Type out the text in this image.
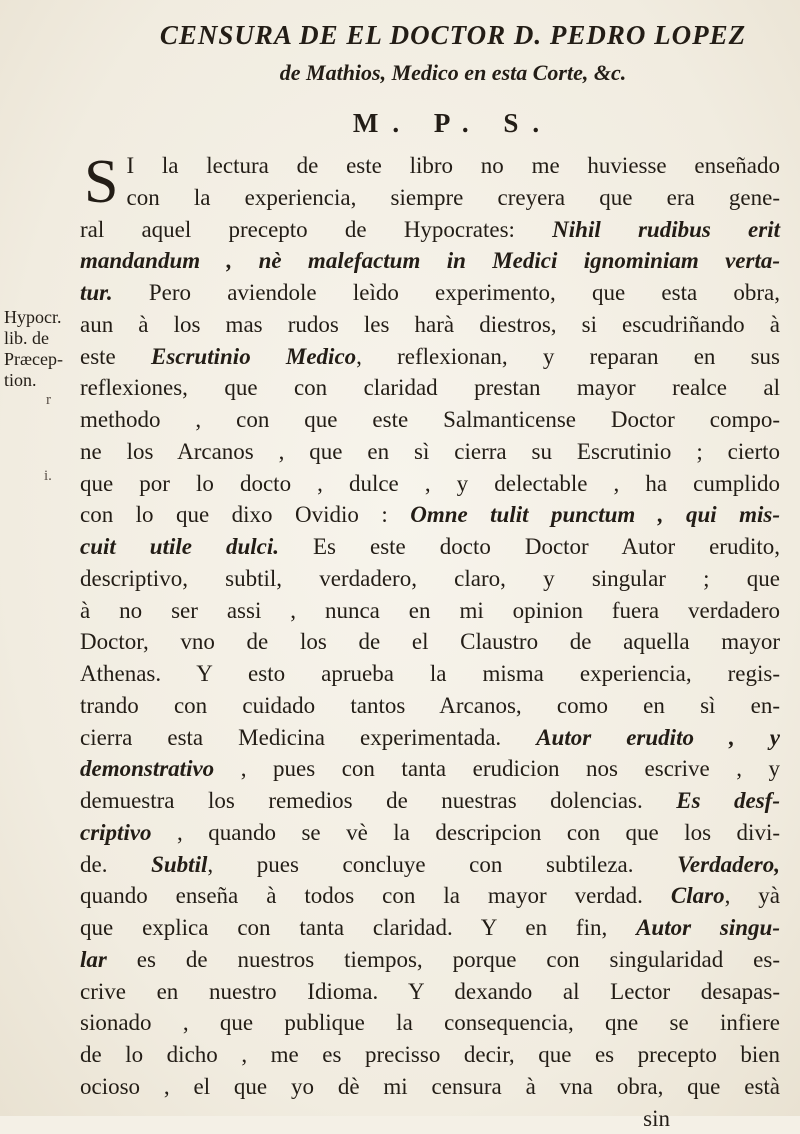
CENSURA DE EL DOCTOR D. PEDRO LOPEZ
de Mathios, Medico en esta Corte, &c.
M. P. S.
Hypocr.
lib. de
Præcep-
tion.
r
i.
S I la lectura de este libro no me huviesse enseñado
con la experiencia, siempre creyera que era gene-
ral aquel precepto de Hypocrates: Nihil rudibus erit
mandandum , nè malefactum in Medici ignominiam verta-
tur. Pero aviendole leìdo experimento, que esta obra,
aun à los mas rudos les harà diestros, si escudriñando à
este Escrutinio Medico, reflexionan, y reparan en sus
reflexiones, que con claridad prestan mayor realce al
methodo , con que este Salmanticense Doctor compo-
ne los Arcanos , que en sì cierra su Escrutinio ; cierto
que por lo docto , dulce , y delectable , ha cumplido
con lo que dixo Ovidio : Omne tulit punctum , qui mis-
cuit utile dulci. Es este docto Doctor Autor erudito,
descriptivo, subtil, verdadero, claro, y singular ; que
à no ser assi , nunca en mi opinion fuera verdadero
Doctor, vno de los de el Claustro de aquella mayor
Athenas. Y esto aprueba la misma experiencia, regis-
trando con cuidado tantos Arcanos, como en sì en-
cierra esta Medicina experimentada. Autor erudito , y
demonstrativo , pues con tanta erudicion nos escrive , y
demuestra los remedios de nuestras dolencias. Es desf-
criptivo , quando se vè la descripcion con que los divi-
de. Subtil, pues concluye con subtileza. Verdadero,
quando enseña à todos con la mayor verdad. Claro, yà
que explica con tanta claridad. Y en fin, Autor singu-
lar es de nuestros tiempos, porque con singularidad es-
crive en nuestro Idioma. Y dexando al Lector desapas-
sionado , que publique la consequencia, qne se infiere
de lo dicho , me es precisso decir, que es precepto bien
ocioso , el que yo dè mi censura à vna obra, que està
sin
